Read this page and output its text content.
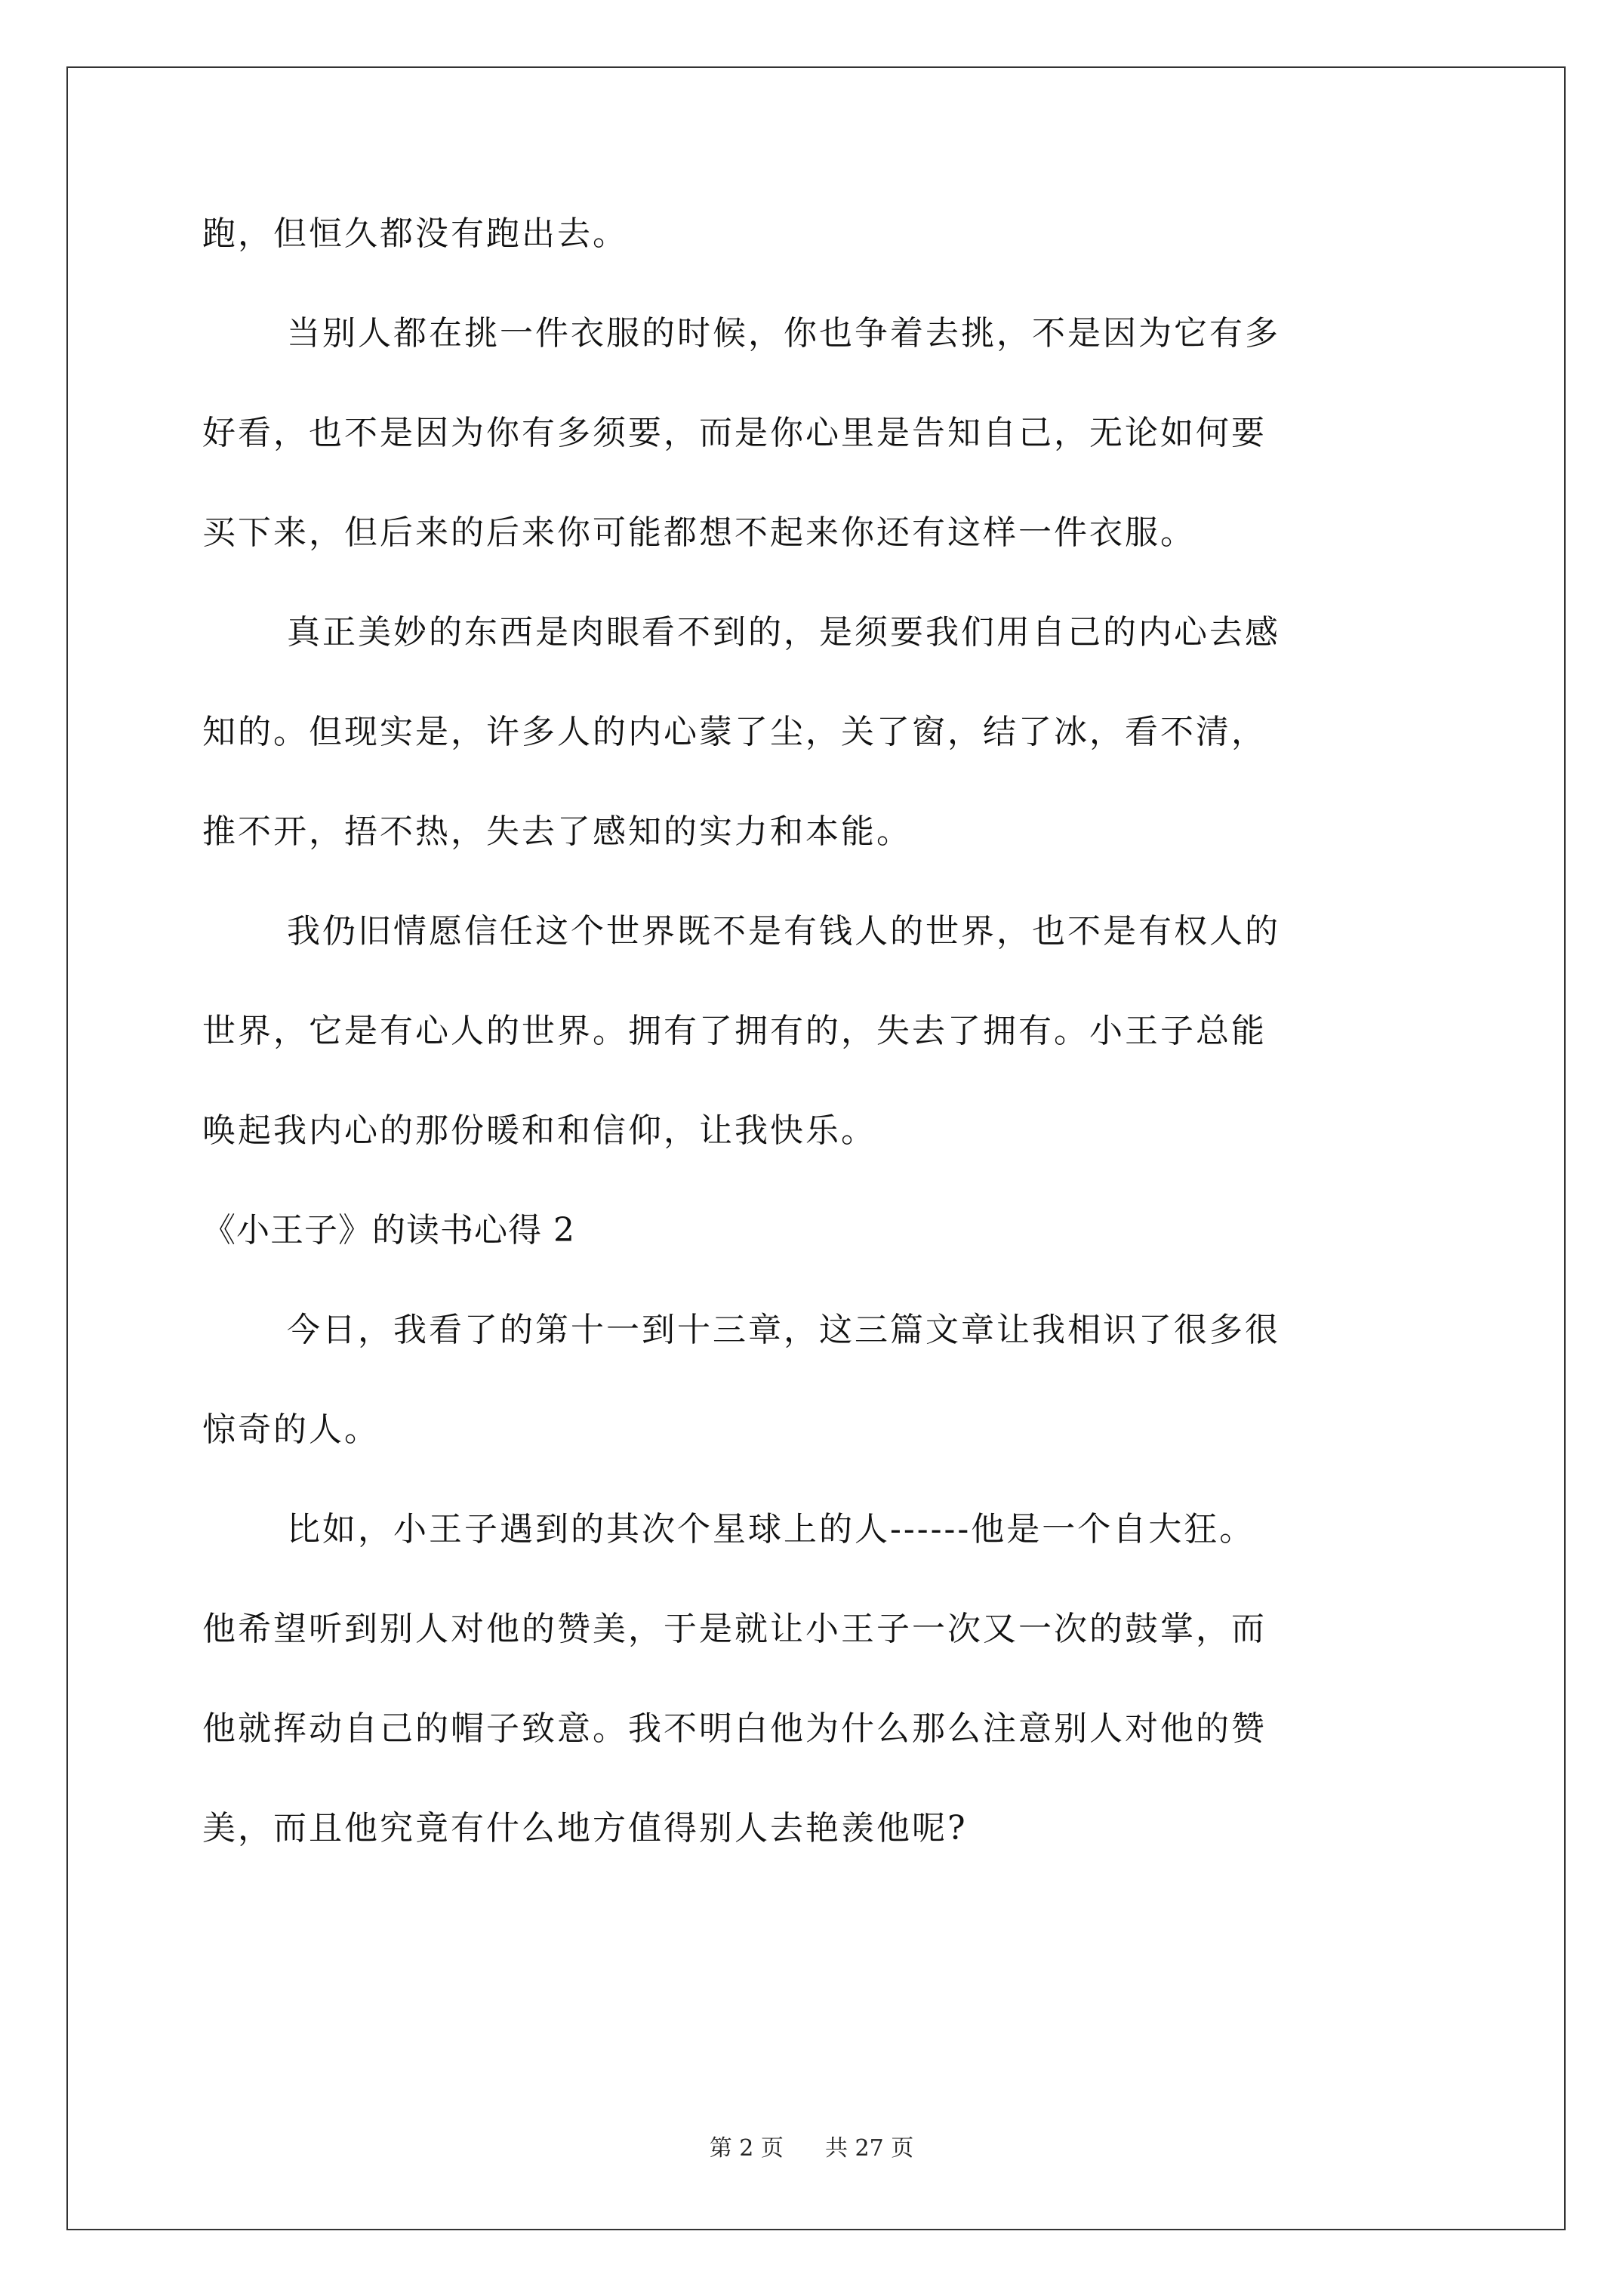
跑，但恒久都没有跑出去。
当别人都在挑一件衣服的时候，你也争着去挑，不是因为它有多
好看，也不是因为你有多须要，而是你心里是告知自己，无论如何要
买下来，但后来的后来你可能都想不起来你还有这样一件衣服。
真正美妙的东西是肉眼看不到的，是须要我们用自己的内心去感
知的。但现实是，许多人的内心蒙了尘，关了窗，结了冰，看不清，
推不开，捂不热，失去了感知的实力和本能。
我仍旧情愿信任这个世界既不是有钱人的世界，也不是有权人的
世界，它是有心人的世界。拥有了拥有的，失去了拥有。小王子总能
唤起我内心的那份暖和和信仰，让我快乐。
《小王子》的读书心得 2
今日，我看了的第十一到十三章，这三篇文章让我相识了很多很
惊奇的人。
比如，小王子遇到的其次个星球上的人------他是一个自大狂。
他希望听到别人对他的赞美，于是就让小王子一次又一次的鼓掌，而
他就挥动自己的帽子致意。我不明白他为什么那么注意别人对他的赞
美，而且他究竟有什么地方值得别人去艳羡他呢?
第 2 页 共 27 页
